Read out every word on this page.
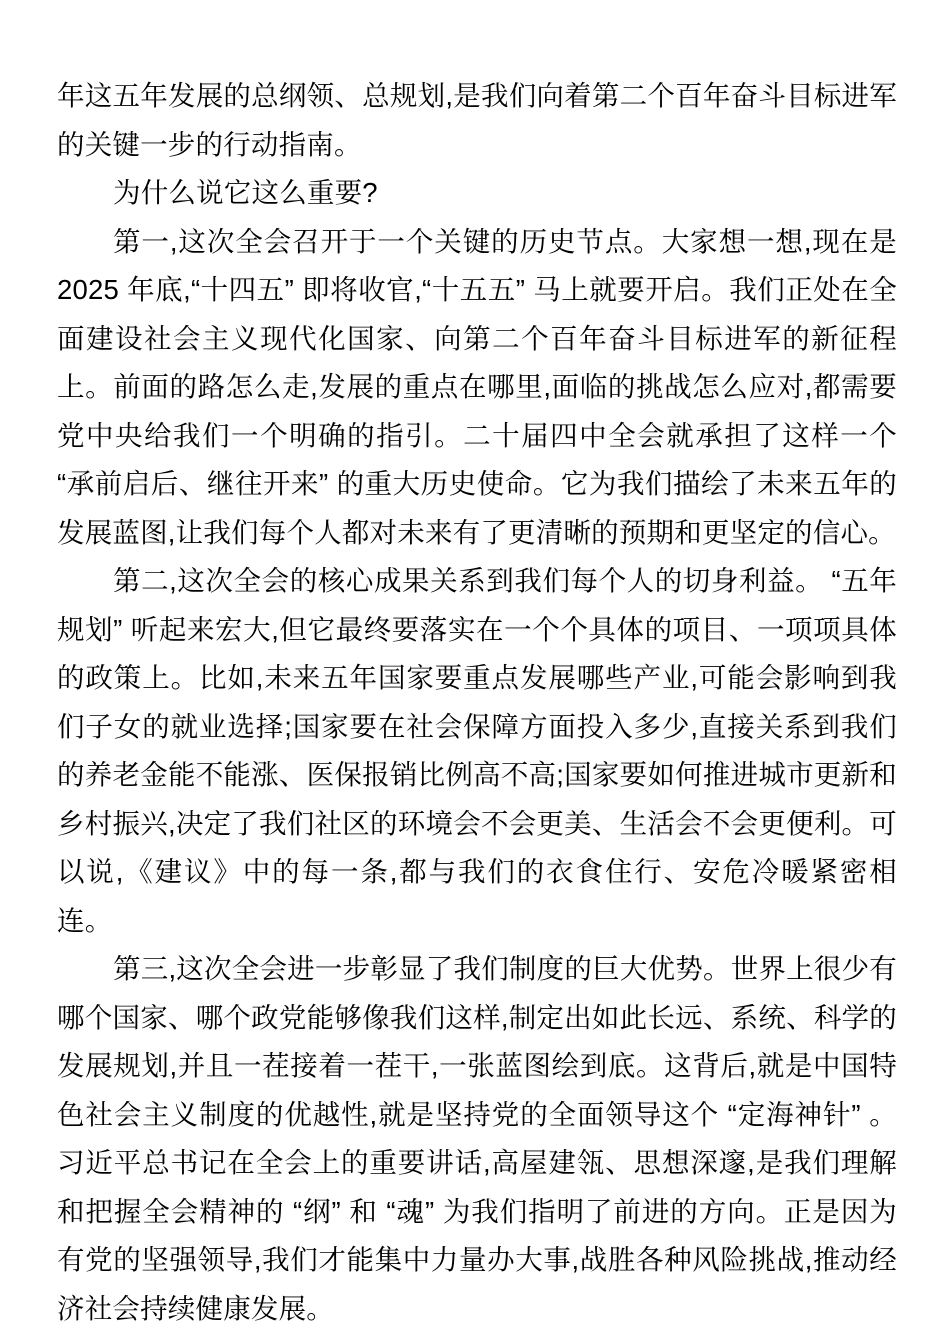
年这五年发展的总纲领、总规划,是我们向着第二个百年奋斗目标进军的关键一步的行动指南。

为什么说它这么重要?

第一,这次全会召开于一个关键的历史节点。大家想一想,现在是 2025 年底,“十四五” 即将收官,“十五五” 马上就要开启。我们正处在全面建设社会主义现代化国家、向第二个百年奋斗目标进军的新征程上。前面的路怎么走,发展的重点在哪里,面临的挑战怎么应对,都需要党中央给我们一个明确的指引。二十届四中全会就承担了这样一个 “承前启后、继往开来” 的重大历史使命。它为我们描绘了未来五年的发展蓝图,让我们每个人都对未来有了更清晰的预期和更坚定的信心。

第二,这次全会的核心成果关系到我们每个人的切身利益。 “五年规划” 听起来宏大,但它最终要落实在一个个具体的项目、一项项具体的政策上。比如,未来五年国家要重点发展哪些产业,可能会影响到我们子女的就业选择;国家要在社会保障方面投入多少,直接关系到我们的养老金能不能涨、医保报销比例高不高;国家要如何推进城市更新和乡村振兴,决定了我们社区的环境会不会更美、生活会不会更便利。可以说,《建议》中的每一条,都与我们的衣食住行、安危冷暖紧密相连。

第三,这次全会进一步彰显了我们制度的巨大优势。世界上很少有哪个国家、哪个政党能够像我们这样,制定出如此长远、系统、科学的发展规划,并且一茬接着一茬干,一张蓝图绘到底。这背后,就是中国特色社会主义制度的优越性,就是坚持党的全面领导这个 “定海神针” 。习近平总书记在全会上的重要讲话,高屋建瓴、思想深邃,是我们理解和把握全会精神的 “纲” 和 “魂” 为我们指明了前进的方向。正是因为有党的坚强领导,我们才能集中力量办大事,战胜各种风险挑战,推动经济社会持续健康发展。
